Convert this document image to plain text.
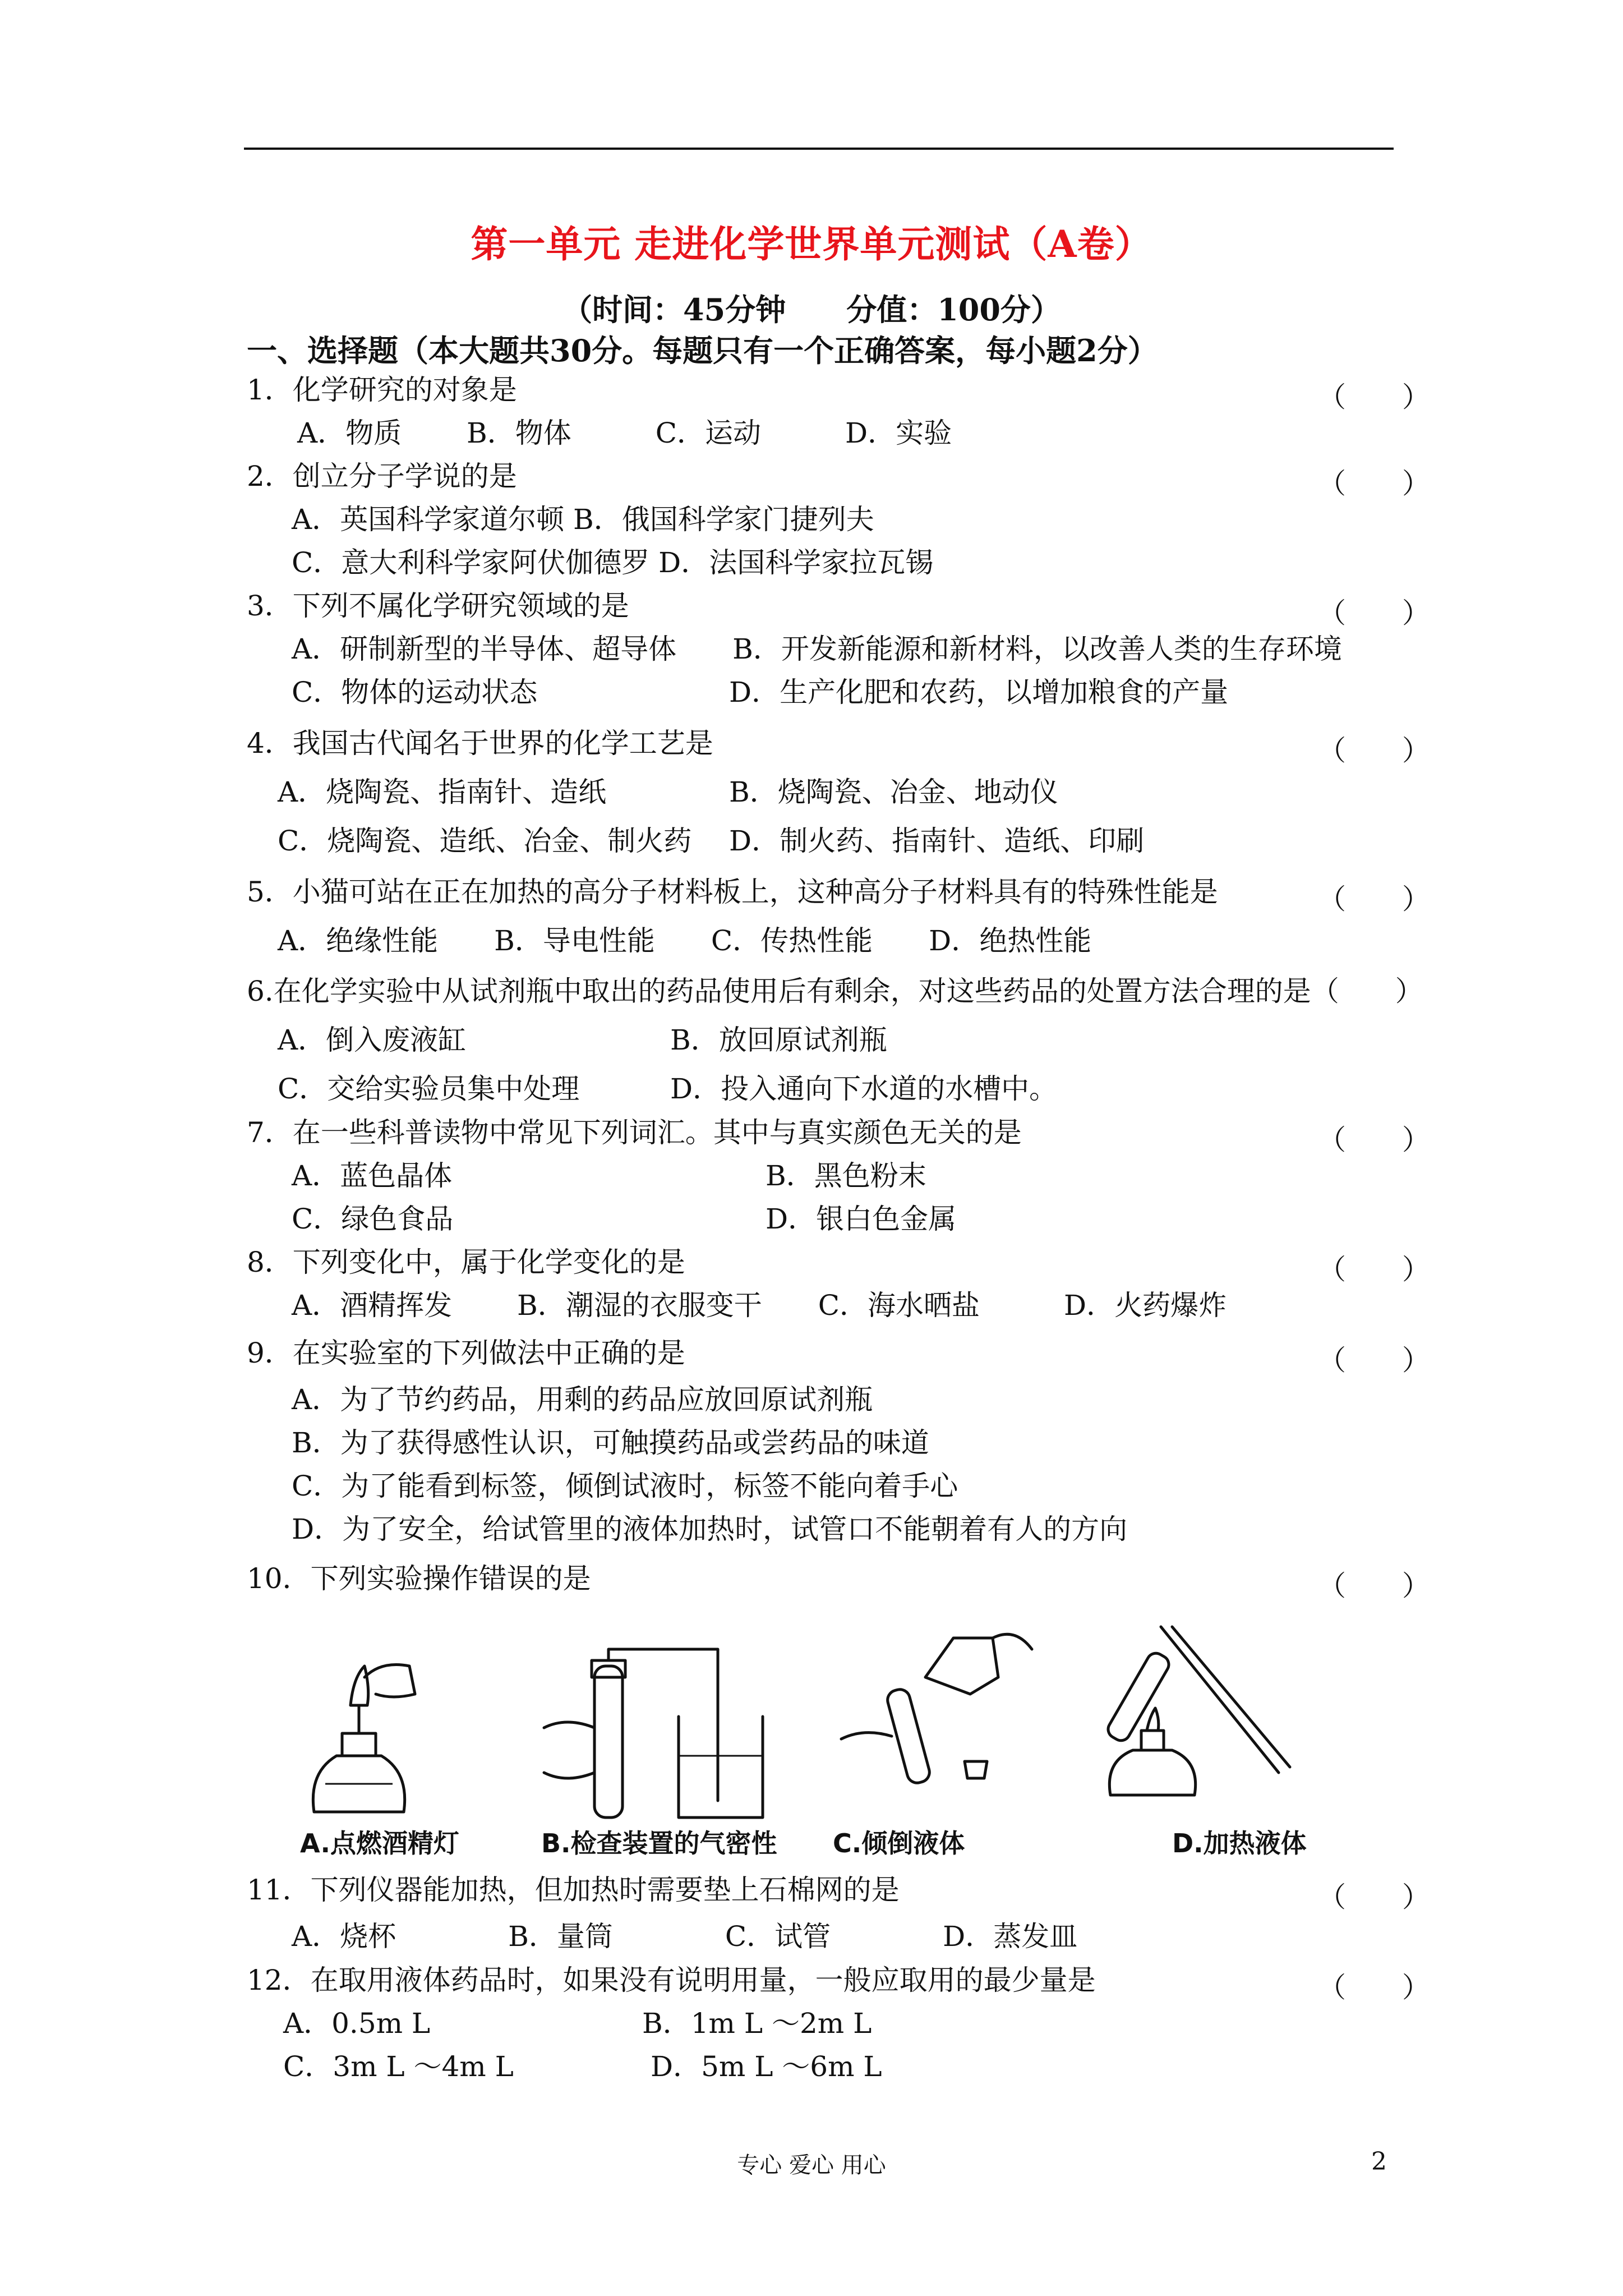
第一单元 走进化学世界单元测试（A卷）
（时间：45分钟　　分值：100分）
一、选择题（本大题共30分。每题只有一个正确答案，每小题2分）
1．化学研究的对象是	（　　）
A．物质　　 B．物体　　　C．运动　　　D．实验
2．创立分子学说的是	（　　）
A．英国科学家道尔顿 B．俄国科学家门捷列夫
C．意大利科学家阿伏伽德罗 D．法国科学家拉瓦锡
3．下列不属化学研究领域的是	（　　）
A．研制新型的半导体、超导体　　B．开发新能源和新材料，以改善人类的生存环境
C．物体的运动状态	D．生产化肥和农药，以增加粮食的产量
4．我国古代闻名于世界的化学工艺是	（　　）
A．烧陶瓷、指南针、造纸	B．烧陶瓷、冶金、地动仪
C．烧陶瓷、造纸、冶金、制火药 D．制火药、指南针、造纸、印刷
5．小猫可站在正在加热的高分子材料板上，这种高分子材料具有的特殊性能是	（　　）
A．绝缘性能　　B．导电性能　　C．传热性能　　D．绝热性能
6.在化学实验中从试剂瓶中取出的药品使用后有剩余，对这些药品的处置方法合理的是（　　）
A．倒入废液缸	B．放回原试剂瓶
C．交给实验员集中处理	D．投入通向下水道的水槽中。
7．在一些科普读物中常见下列词汇。其中与真实颜色无关的是	（　　）
A．蓝色晶体	B．黑色粉末
C．绿色食品	D．银白色金属
8．下列变化中，属于化学变化的是	（　　）
A．酒精挥发　　 B．潮湿的衣服变干　　C．海水晒盐　　　D．火药爆炸
9．在实验室的下列做法中正确的是	（　　）
A．为了节约药品，用剩的药品应放回原试剂瓶
B．为了获得感性认识，可触摸药品或尝药品的味道
C．为了能看到标签，倾倒试液时，标签不能向着手心
D．为了安全，给试管里的液体加热时，试管口不能朝着有人的方向
10．下列实验操作错误的是	（　　）
A.点燃酒精灯	B.检查装置的气密性 C.倾倒液体	D.加热液体
11．下列仪器能加热，但加热时需要垫上石棉网的是	（　　）
A．烧杯　　　　B．量筒　　　　C．试管　　　　D．蒸发皿
12．在取用液体药品时，如果没有说明用量，一般应取用的最少量是	（　　）
A．0.5m L	B．1m L ～2m L
C．3m L ～4m L	D．5m L ～6m L
专心 爱心 用心	2
